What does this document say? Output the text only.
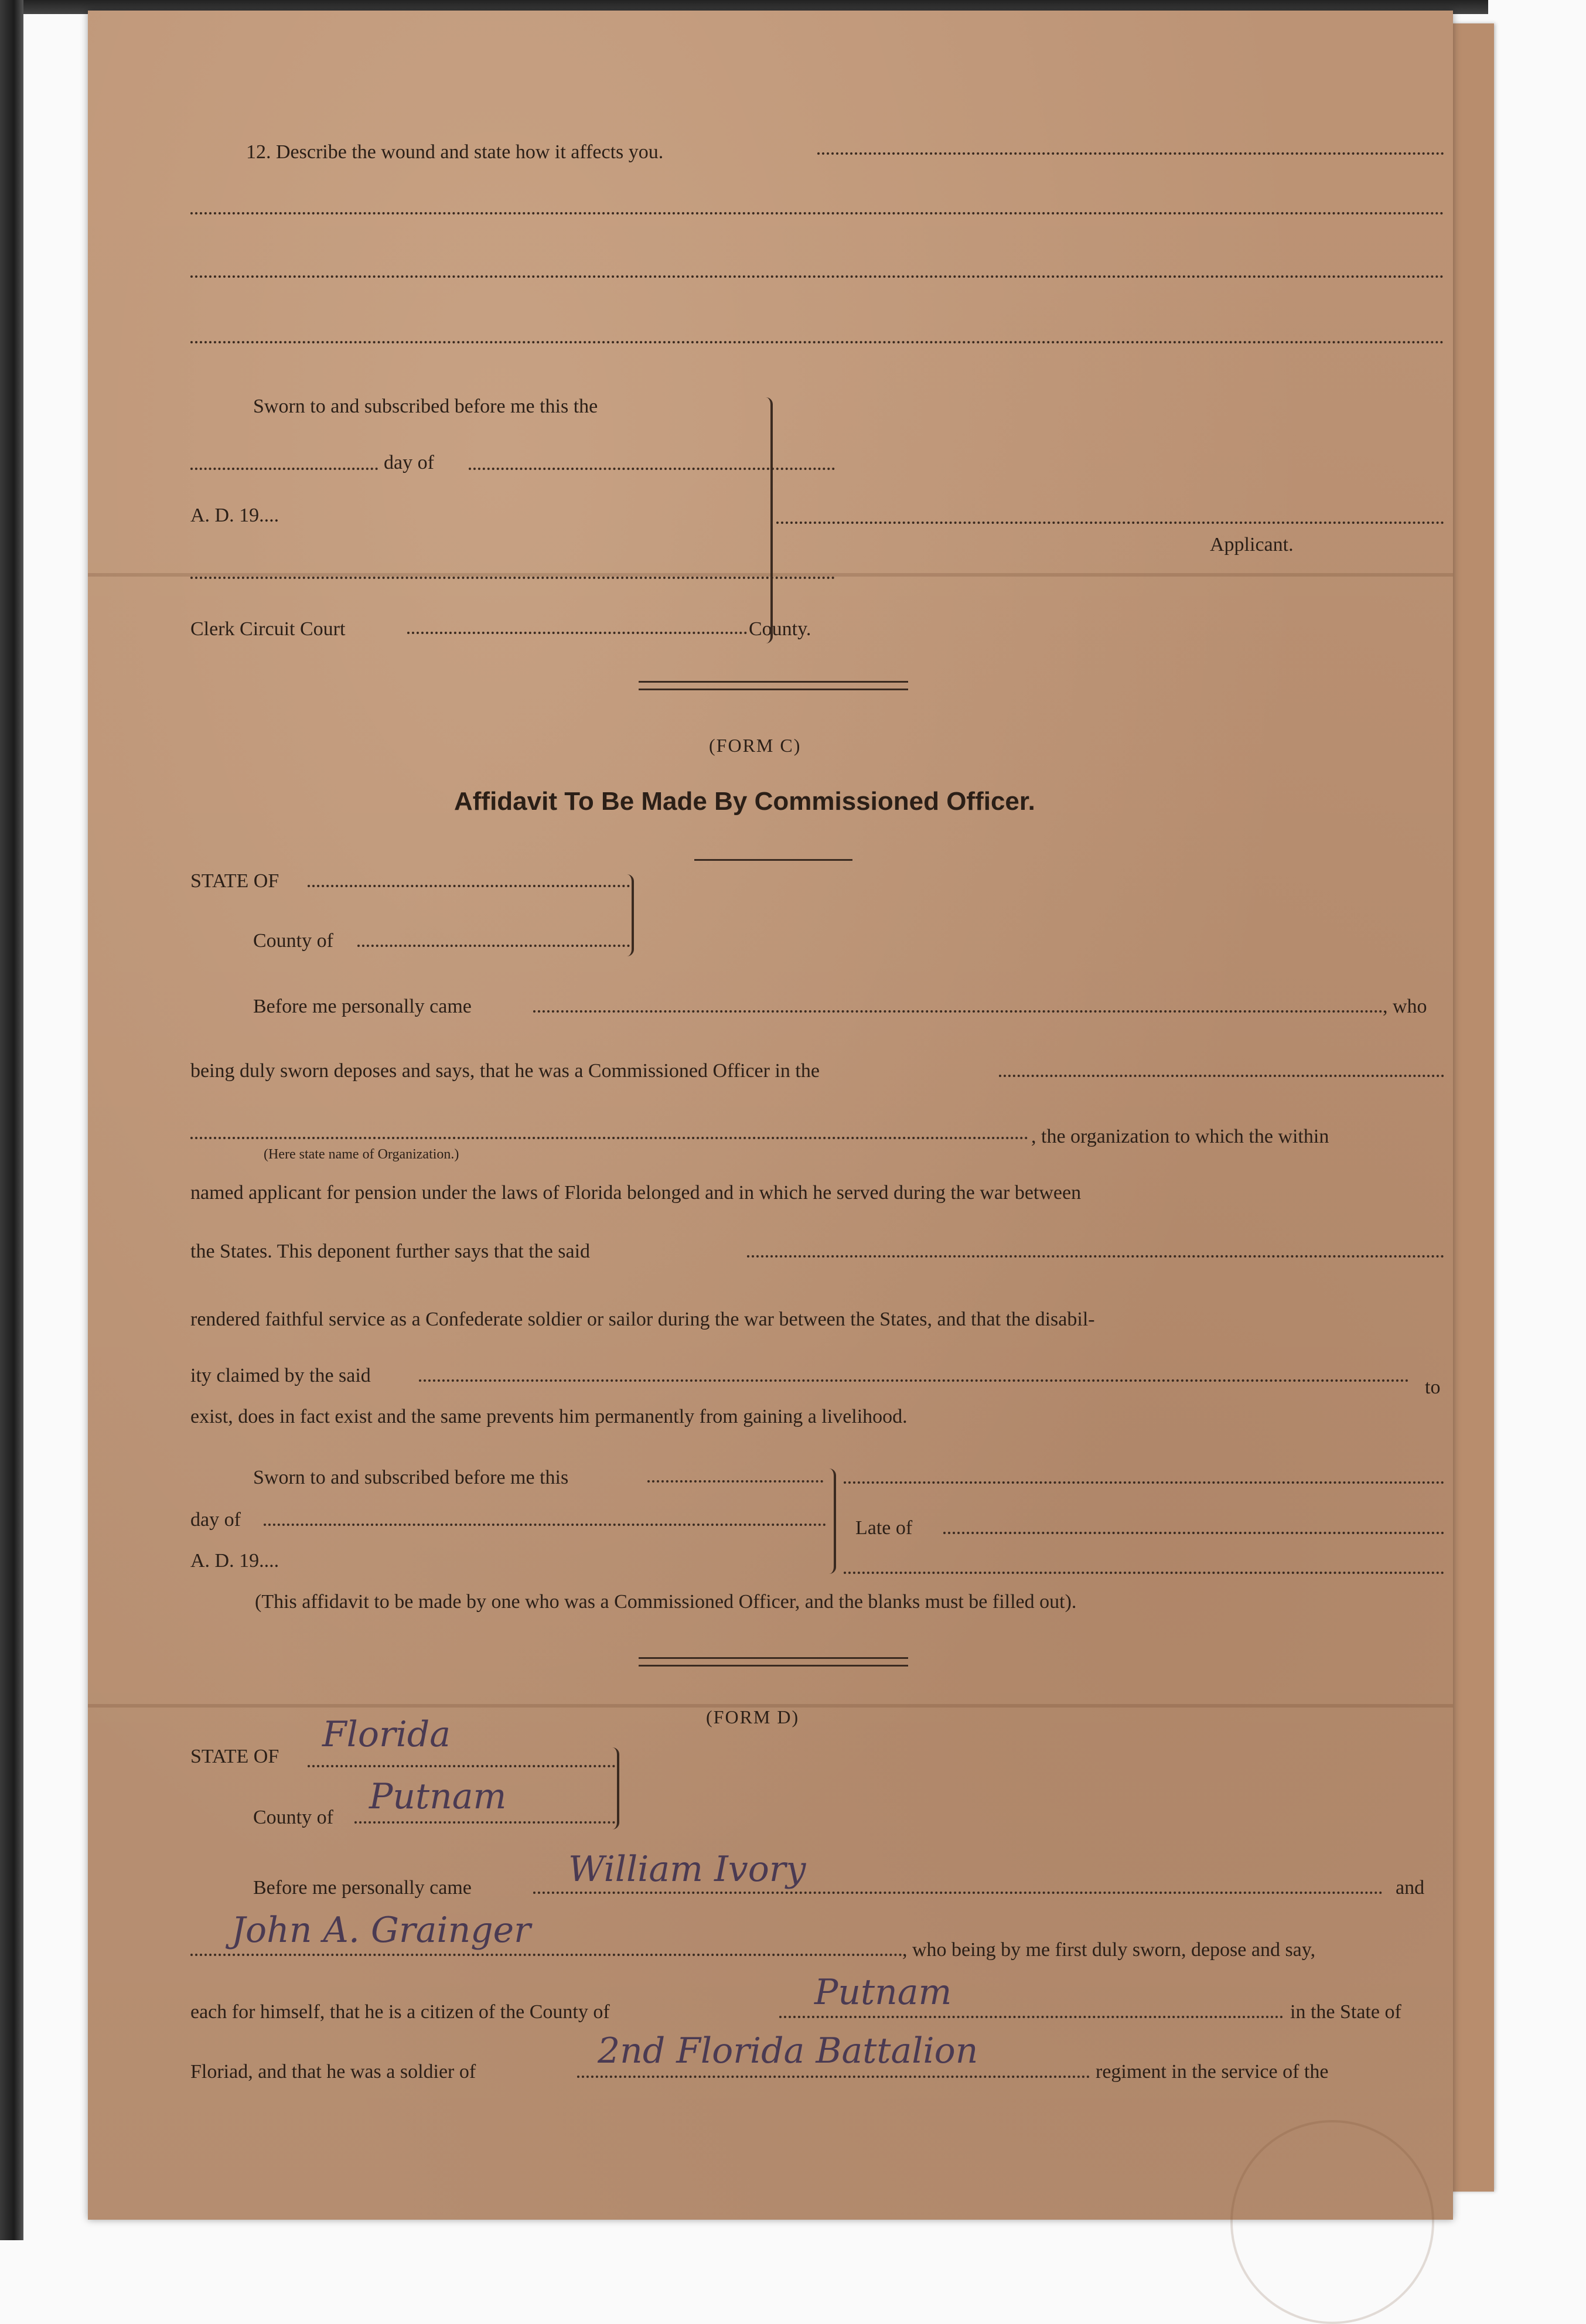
12. Describe the wound and state how it affects you.
Sworn to and subscribed before me this the
day of
A. D. 19....
Clerk Circuit Court	County.
Applicant.
(FORM C)
Affidavit To Be Made By Commissioned Officer.
STATE OF
County of
Before me personally came	, who
being duly sworn deposes and says, that he was a Commissioned Officer in the
, the organization to which the within
(Here state name of Organization.)
named applicant for pension under the laws of Florida belonged and in which he served during the war between
the States. This deponent further says that the said
rendered faithful service as a Confederate soldier or sailor during the war between the States, and that the disabil-
ity claimed by the said
to
exist, does in fact exist and the same prevents him permanently from gaining a livelihood.
Sworn to and subscribed before me this
day of
A. D. 19....
Late of
(This affidavit to be made by one who was a Commissioned Officer, and the blanks must be filled out).
(FORM D)
STATE OF
Florida
County of
Putnam
Before me personally came	William Ivory	and
John A. Grainger	, who being by me first duly sworn, depose and say,
each for himself, that he is a citizen of the County of	Putnam	in the State of
Floriad, and that he was a soldier of
2nd Florida Battalion
regiment in the service of the
